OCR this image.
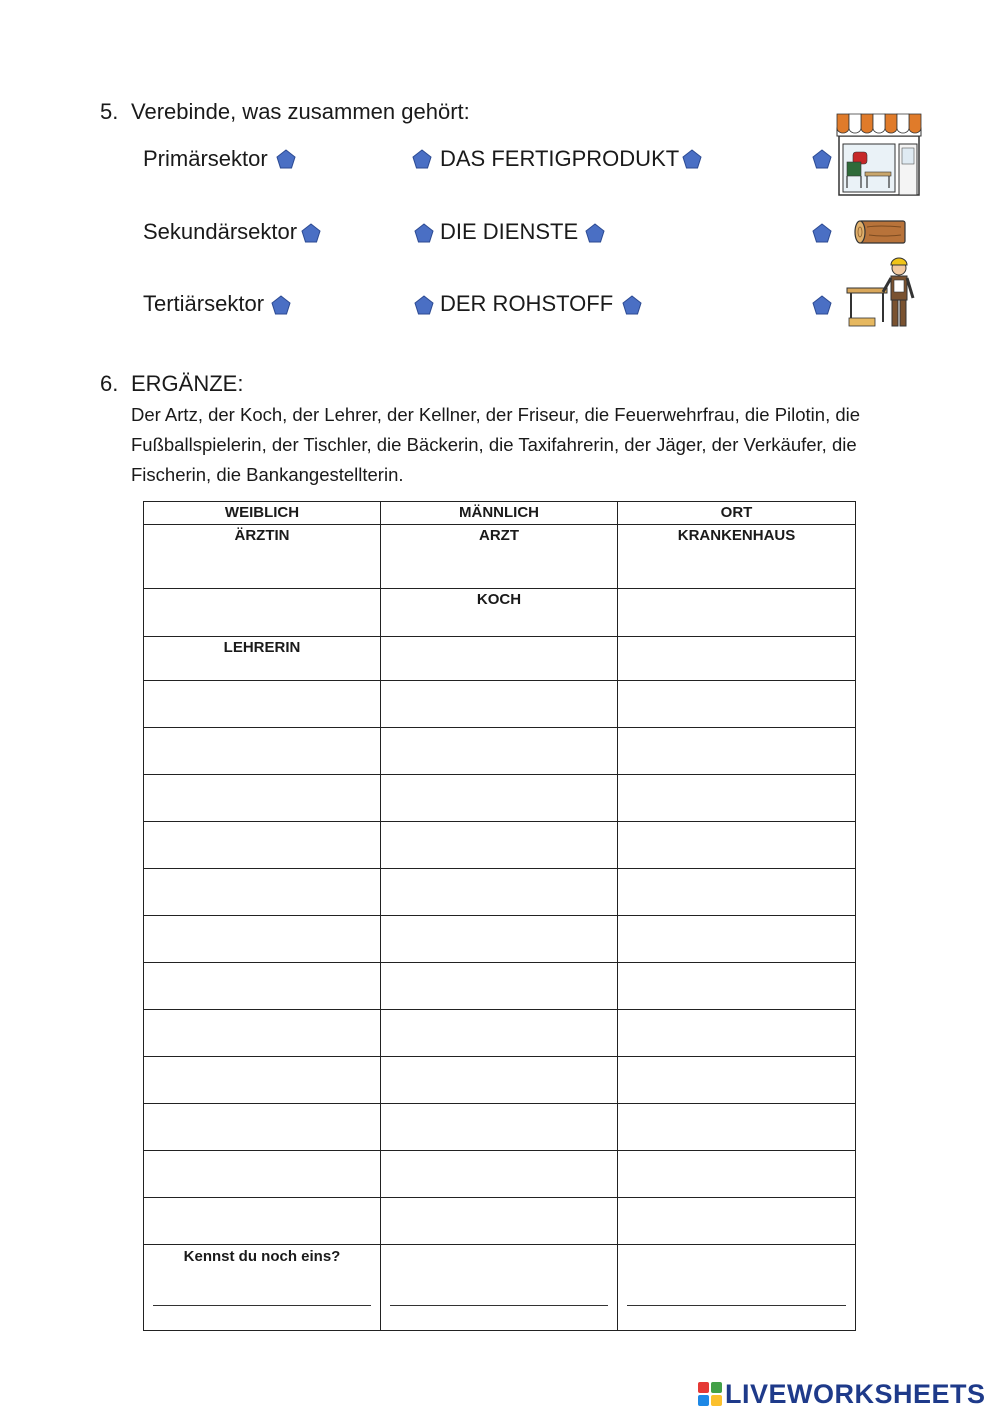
5. Verebinde, was zusammen gehört:
Primärsektor	DAS FERTIGPRODUKT
Sekundärsektor	DIE DIENSTE
Tertiärsektor	DER ROHSTOFF
6. ERGÄNZE:
Der Artz, der Koch, der Lehrer, der Kellner, der Friseur, die Feuerwehrfrau, die Pilotin, die Fußballspielerin, der Tischler, die Bäckerin, die Taxifahrerin, der Jäger, der Verkäufer, die Fischerin, die Bankangestellterin.
WEIBLICH	MÄNNLICH	ORT

ÄRZTIN	ARZT	KRANKENHAUS

	KOCH	

LEHRERIN		

Kennst du noch eins?		

LIVEWORKSHEETS
